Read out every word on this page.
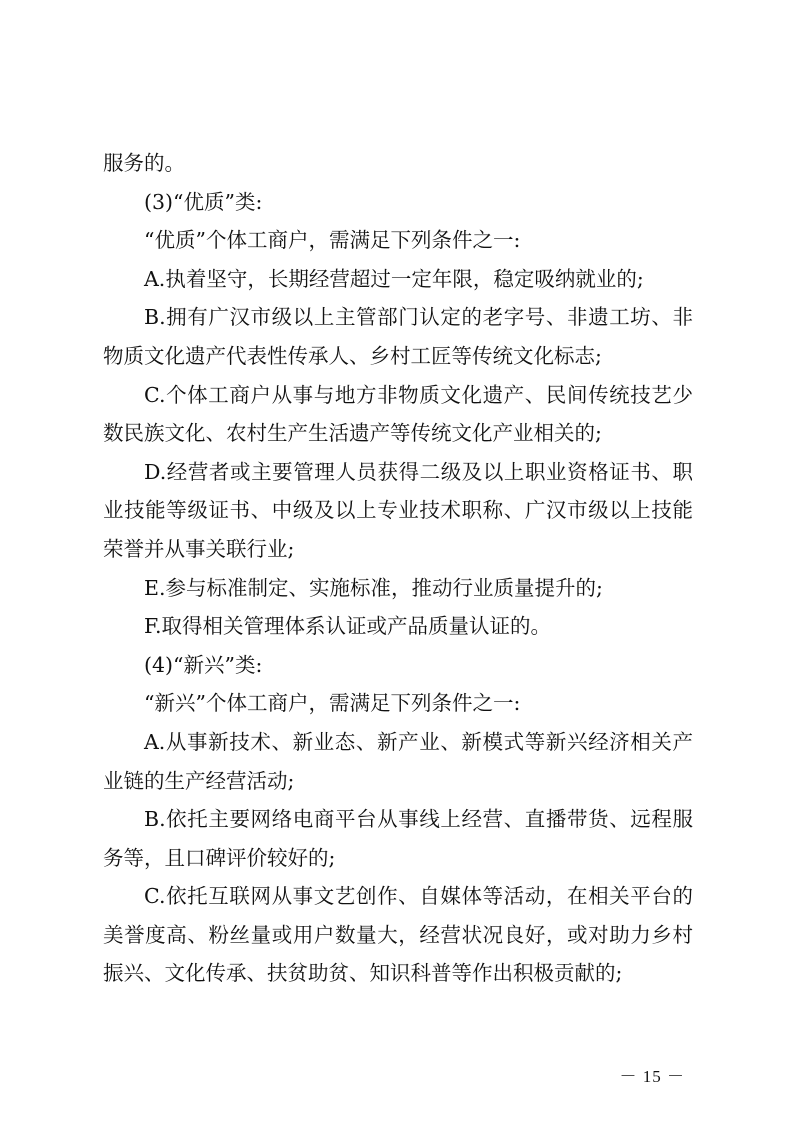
服务的。

(3)“优质”类:

“优质”个体工商户，需满足下列条件之一:

A.执着坚守，长期经营超过一定年限，稳定吸纳就业的;

B.拥有广汉市级以上主管部门认定的老字号、非遗工坊、非物质文化遗产代表性传承人、乡村工匠等传统文化标志;

C.个体工商户从事与地方非物质文化遗产、民间传统技艺少数民族文化、农村生产生活遗产等传统文化产业相关的;

D.经营者或主要管理人员获得二级及以上职业资格证书、职业技能等级证书、中级及以上专业技术职称、广汉市级以上技能荣誉并从事关联行业;

E.参与标准制定、实施标准，推动行业质量提升的;

F.取得相关管理体系认证或产品质量认证的。

(4)“新兴”类:

“新兴”个体工商户，需满足下列条件之一:

A.从事新技术、新业态、新产业、新模式等新兴经济相关产业链的生产经营活动;

B.依托主要网络电商平台从事线上经营、直播带货、远程服务等，且口碑评价较好的;

C.依托互联网从事文艺创作、自媒体等活动，在相关平台的美誉度高、粉丝量或用户数量大，经营状况良好，或对助力乡村振兴、文化传承、扶贫助贫、知识科普等作出积极贡献的;

－ 15 －
